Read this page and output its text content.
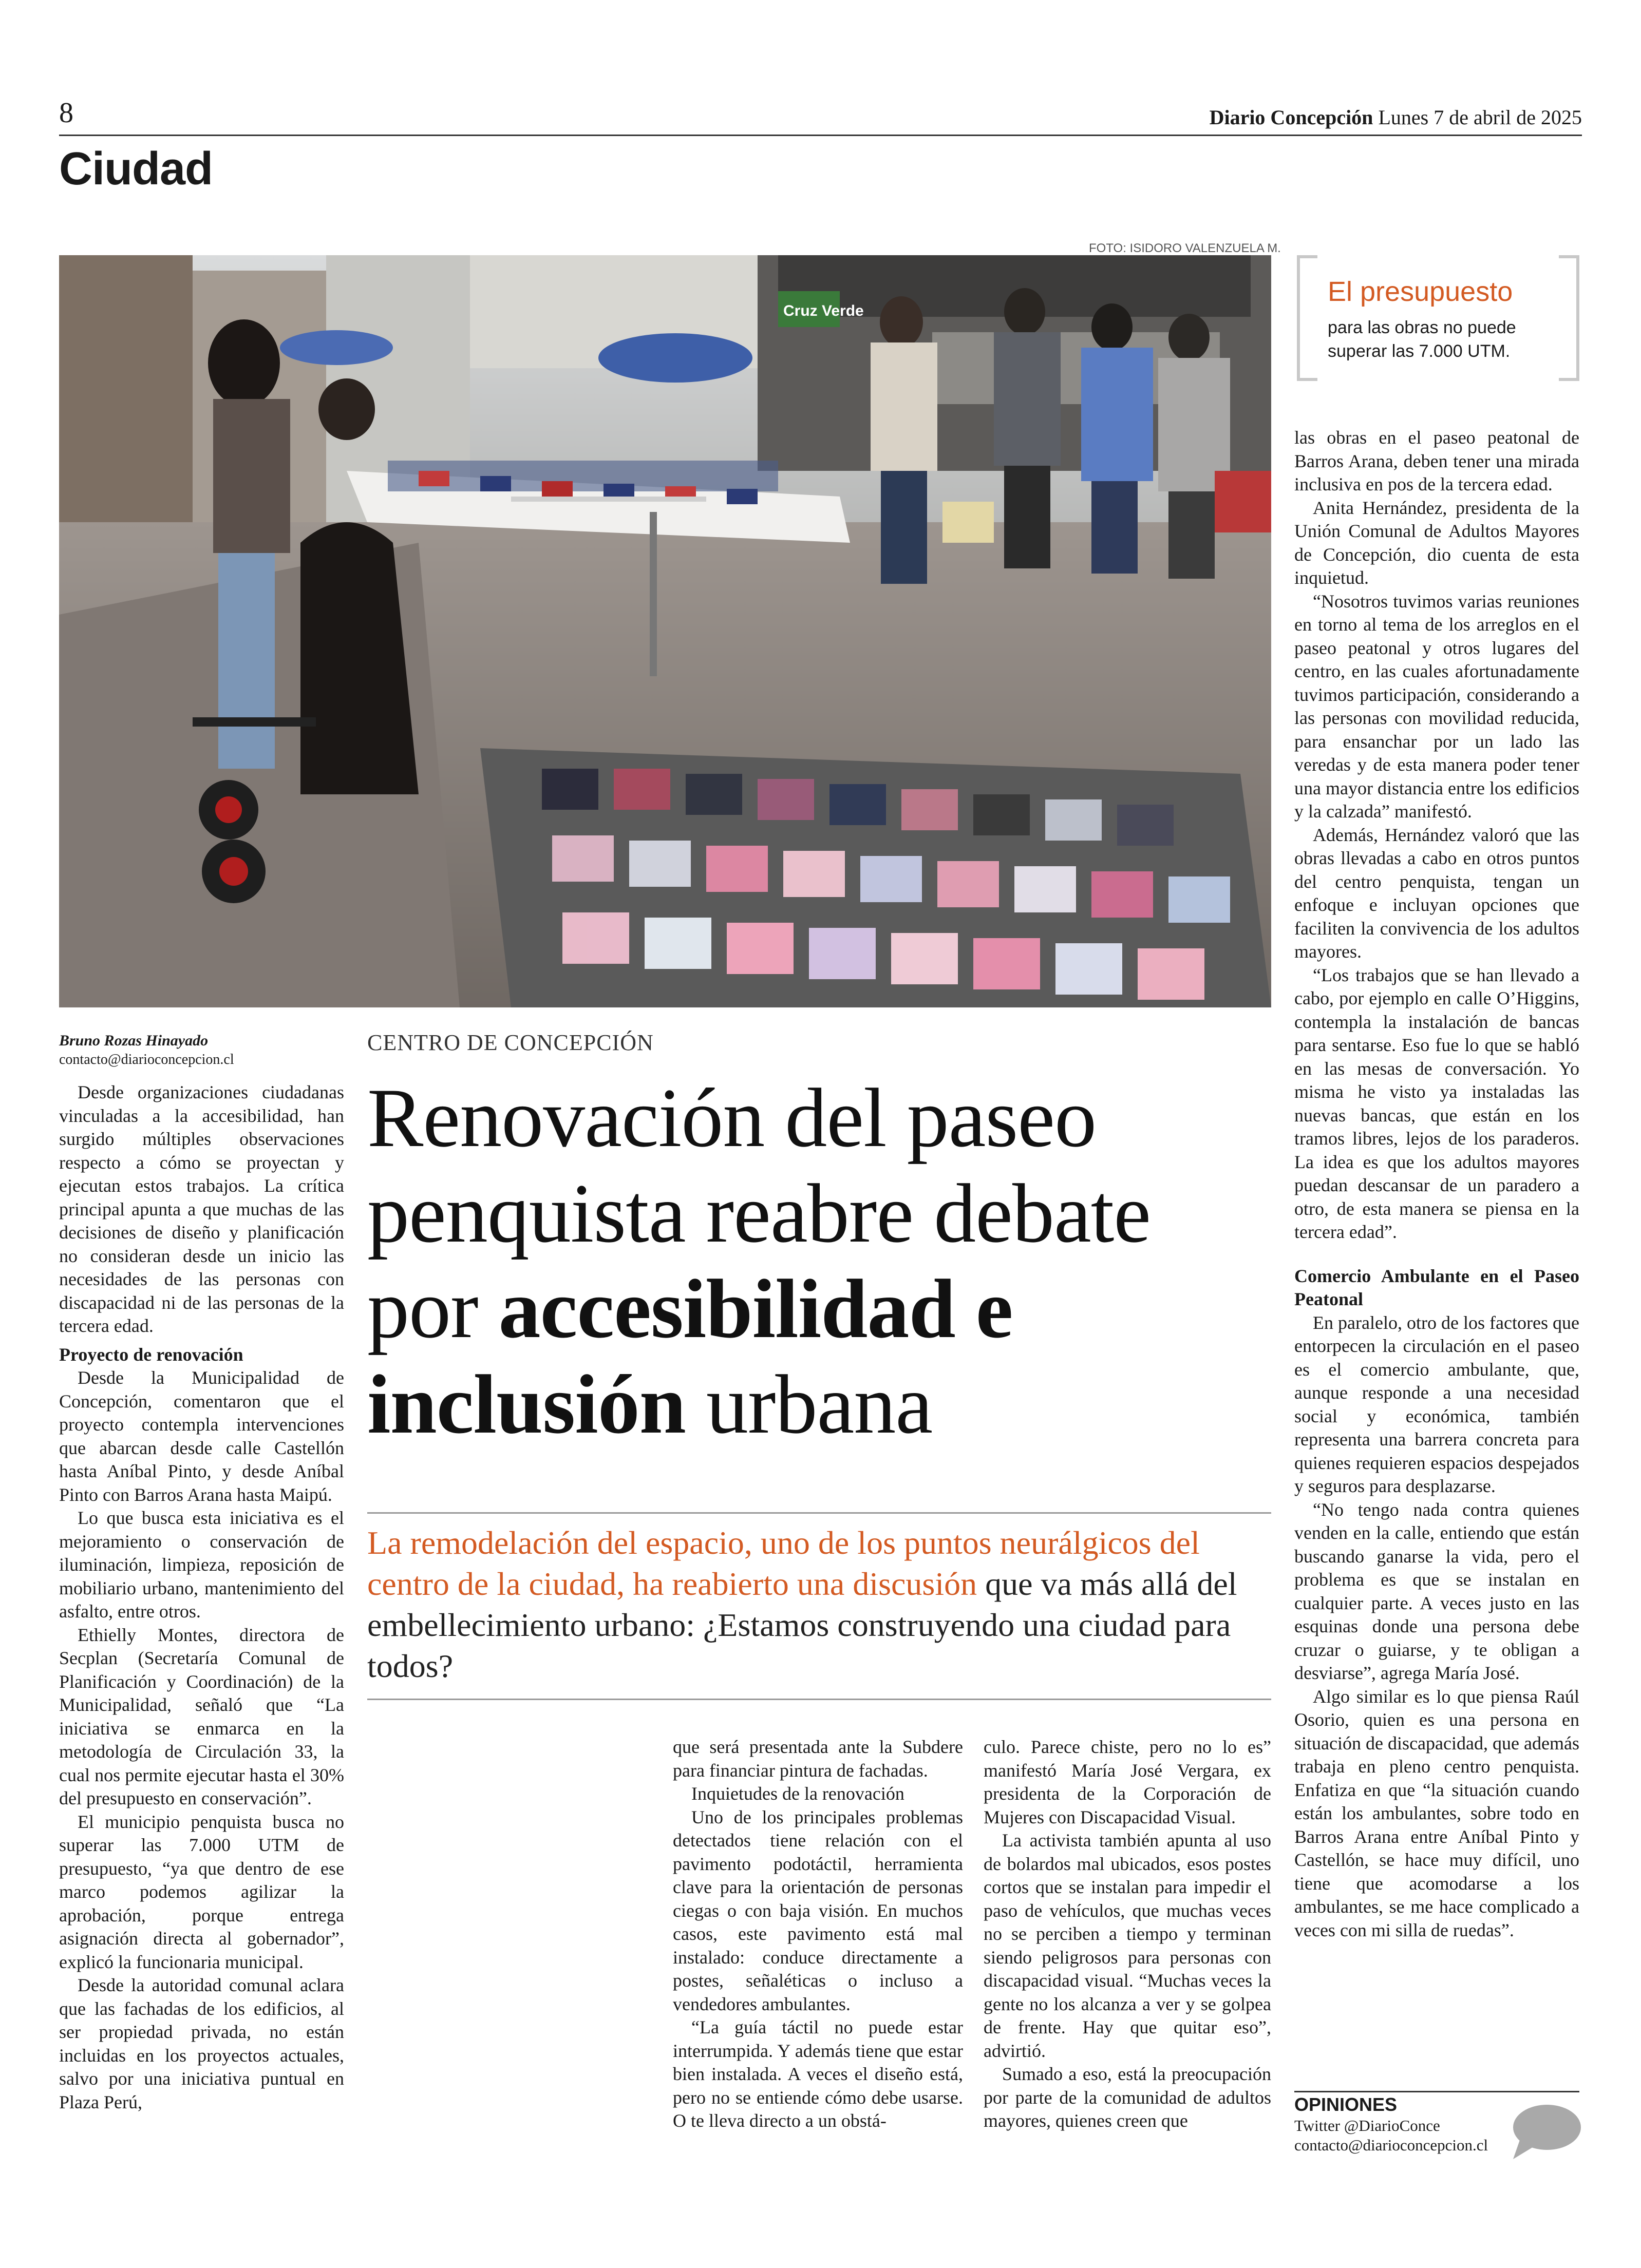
8	Diario Concepción Lunes 7 de abril de 2025
Ciudad
FOTO: ISIDORO VALENZUELA M.
Cruz Verde
El presupuesto
para las obras no puede superar las 7.000 UTM.
Bruno Rozas Hinayado
contacto@diarioconcepcion.cl
CENTRO DE CONCEPCIÓN
Renovación del paseo penquista reabre debate por accesibilidad e inclusión urbana
La remodelación del espacio, uno de los puntos neurálgicos del centro de la ciudad, ha reabierto una discusión que va más allá del embellecimiento urbano: ¿Estamos construyendo una ciudad para todos?

Desde organizaciones ciudadanas vinculadas a la accesibilidad, han surgido múltiples observaciones respecto a cómo se proyectan y ejecutan estos trabajos. La crítica principal apunta a que muchas de las decisiones de diseño y planificación no consideran desde un inicio las necesidades de las personas con discapacidad ni de las personas de la tercera edad.

Proyecto de renovación

Desde la Municipalidad de Concepción, comentaron que el proyecto contempla intervenciones que abarcan desde calle Castellón hasta Aníbal Pinto, y desde Aníbal Pinto con Barros Arana hasta Maipú.

Lo que busca esta iniciativa es el mejoramiento o conservación de iluminación, limpieza, reposición de mobiliario urbano, mantenimiento del asfalto, entre otros.

Ethielly Montes, directora de Secplan (Secretaría Comunal de Planificación y Coordinación) de la Municipalidad, señaló que “La iniciativa se enmarca en la metodología de Circulación 33, la cual nos permite ejecutar hasta el 30% del presupuesto en conservación”.

El municipio penquista busca no superar las 7.000 UTM de presupuesto, “ya que dentro de ese marco podemos agilizar la aprobación, porque entrega asignación directa al gobernador”, explicó la funcionaria municipal.

Desde la autoridad comunal aclara que las fachadas de los edificios, al ser propiedad privada, no están incluidas en los proyectos actuales, salvo por una iniciativa puntual en Plaza Perú,

que será presentada ante la Subdere para financiar pintura de fachadas.

Inquietudes de la renovación

Uno de los principales problemas detectados tiene relación con el pavimento podotáctil, herramienta clave para la orientación de personas ciegas o con baja visión. En muchos casos, este pavimento está mal instalado: conduce directamente a postes, señaléticas o incluso a vendedores ambulantes.

“La guía táctil no puede estar interrumpida. Y además tiene que estar bien instalada. A veces el diseño está, pero no se entiende cómo debe usarse. O te lleva directo a un obstá-

culo. Parece chiste, pero no lo es” manifestó María José Vergara, ex presidenta de la Corporación de Mujeres con Discapacidad Visual.

La activista también apunta al uso de bolardos mal ubicados, esos postes cortos que se instalan para impedir el paso de vehículos, que muchas veces no se perciben a tiempo y terminan siendo peligrosos para personas con discapacidad visual. “Muchas veces la gente no los alcanza a ver y se golpea de frente. Hay que quitar eso”, advirtió.

Sumado a eso, está la preocupación por parte de la comunidad de adultos mayores, quienes creen que

las obras en el paseo peatonal de Barros Arana, deben tener una mirada inclusiva en pos de la tercera edad.

Anita Hernández, presidenta de la Unión Comunal de Adultos Mayores de Concepción, dio cuenta de esta inquietud.

“Nosotros tuvimos varias reuniones en torno al tema de los arreglos en el paseo peatonal y otros lugares del centro, en las cuales afortunadamente tuvimos participación, considerando a las personas con movilidad reducida, para ensanchar por un lado las veredas y de esta manera poder tener una mayor distancia entre los edificios y la calzada” manifestó.

Además, Hernández valoró que las obras llevadas a cabo en otros puntos del centro penquista, tengan un enfoque e incluyan opciones que faciliten la convivencia de los adultos mayores.

“Los trabajos que se han llevado a cabo, por ejemplo en calle O’Higgins, contempla la instalación de bancas para sentarse. Eso fue lo que se habló en las mesas de conversación. Yo misma he visto ya instaladas las nuevas bancas, que están en los tramos libres, lejos de los paraderos. La idea es que los adultos mayores puedan descansar de un paradero a otro, de esta manera se piensa en la tercera edad”.

Comercio Ambulante en el Paseo Peatonal

En paralelo, otro de los factores que entorpecen la circulación en el paseo es el comercio ambulante, que, aunque responde a una necesidad social y económica, también representa una barrera concreta para quienes requieren espacios despejados y seguros para desplazarse.

“No tengo nada contra quienes venden en la calle, entiendo que están buscando ganarse la vida, pero el problema es que se instalan en cualquier parte. A veces justo en las esquinas donde una persona debe cruzar o guiarse, y te obligan a desviarse”, agrega María José.

Algo similar es lo que piensa Raúl Osorio, quien es una persona en situación de discapacidad, que además trabaja en pleno centro penquista. Enfatiza en que “la situación cuando están los ambulantes, sobre todo en Barros Arana entre Aníbal Pinto y Castellón, se hace muy difícil, uno tiene que acomodarse a los ambulantes, se me hace complicado a veces con mi silla de ruedas”.

OPINIONES
Twitter @DiarioConce
contacto@diarioconcepcion.cl
